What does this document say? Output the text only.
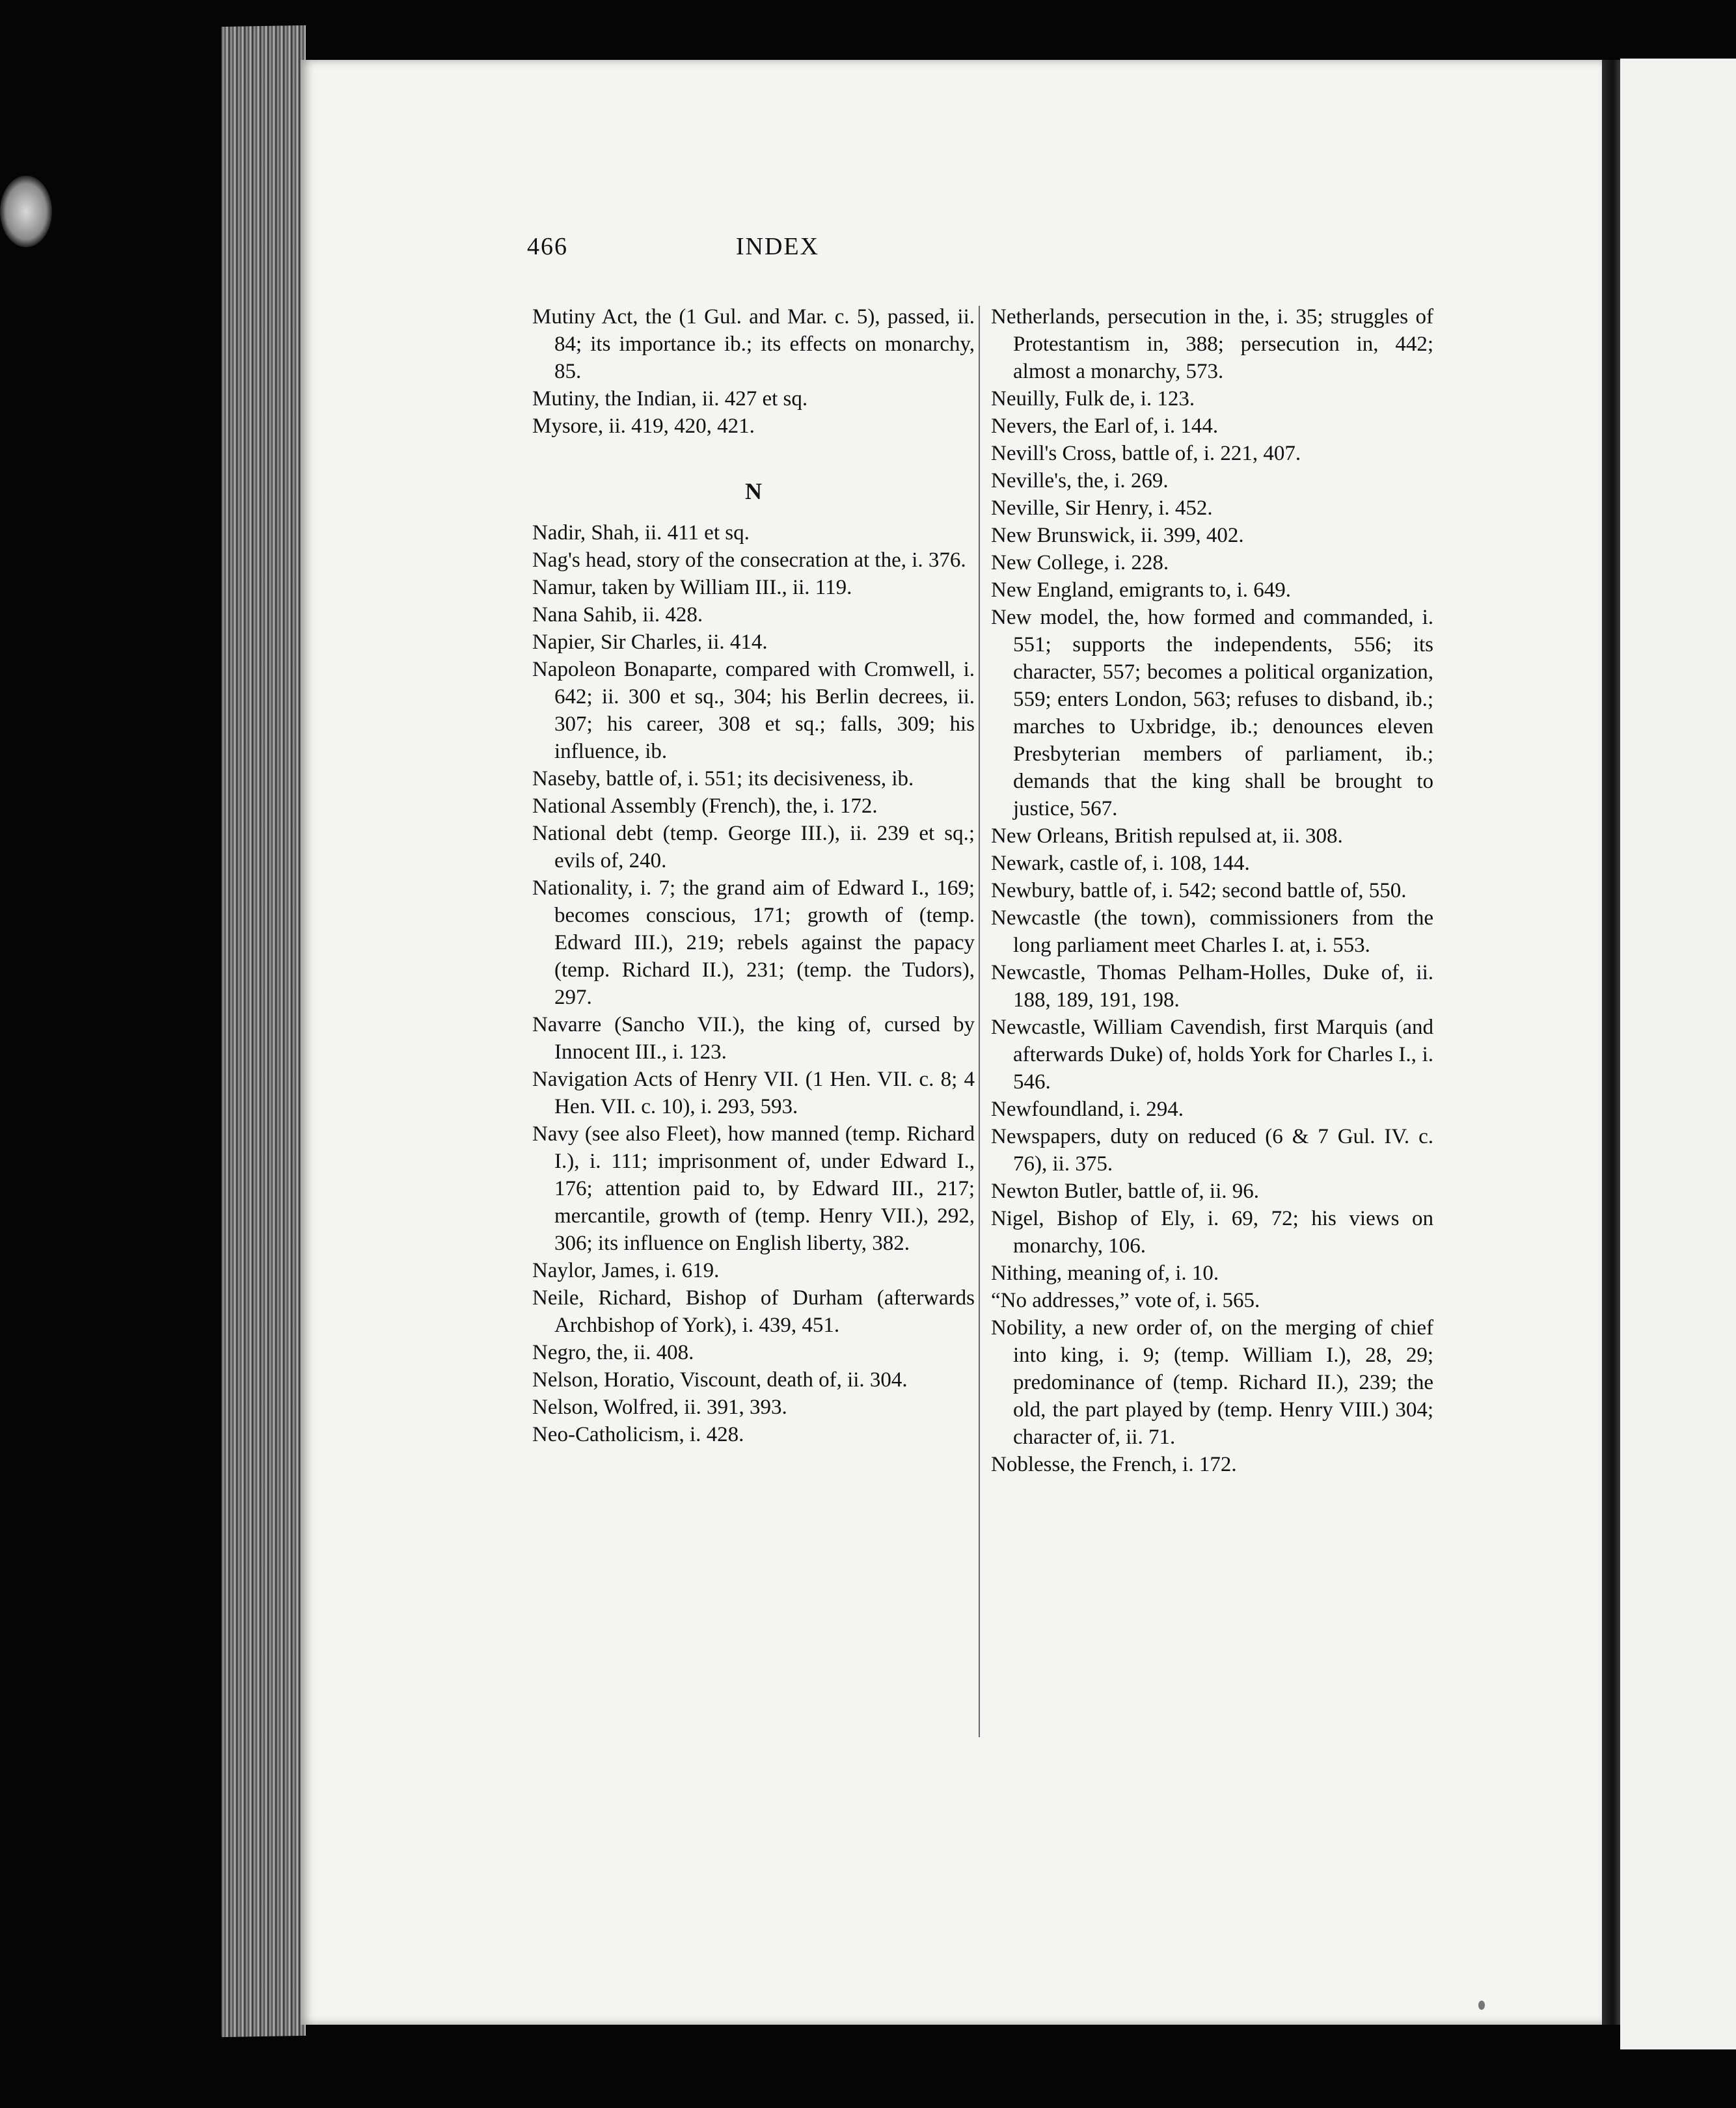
466	INDEX

Mutiny Act, the (1 Gul. and Mar. c. 5), passed, ii. 84; its importance ib.; its effects on monarchy, 85.

Mutiny, the Indian, ii. 427 et sq.

Mysore, ii. 419, 420, 421.

N

Nadir, Shah, ii. 411 et sq.

Nag's head, story of the consecration at the, i. 376.

Namur, taken by William III., ii. 119.

Nana Sahib, ii. 428.

Napier, Sir Charles, ii. 414.

Napoleon Bonaparte, compared with Cromwell, i. 642; ii. 300 et sq., 304; his Berlin decrees, ii. 307; his career, 308 et sq.; falls, 309; his influence, ib.

Naseby, battle of, i. 551; its decisiveness, ib.

National Assembly (French), the, i. 172.

National debt (temp. George III.), ii. 239 et sq.; evils of, 240.

Nationality, i. 7; the grand aim of Edward I., 169; becomes conscious, 171; growth of (temp. Edward III.), 219; rebels against the papacy (temp. Richard II.), 231; (temp. the Tudors), 297.

Navarre (Sancho VII.), the king of, cursed by Innocent III., i. 123.

Navigation Acts of Henry VII. (1 Hen. VII. c. 8; 4 Hen. VII. c. 10), i. 293, 593.

Navy (see also Fleet), how manned (temp. Richard I.), i. 111; imprisonment of, under Edward I., 176; attention paid to, by Edward III., 217; mercantile, growth of (temp. Henry VII.), 292, 306; its influence on English liberty, 382.

Naylor, James, i. 619.

Neile, Richard, Bishop of Durham (afterwards Archbishop of York), i. 439, 451.

Negro, the, ii. 408.

Nelson, Horatio, Viscount, death of, ii. 304.

Nelson, Wolfred, ii. 391, 393.

Neo-Catholicism, i. 428.

Netherlands, persecution in the, i. 35; struggles of Protestantism in, 388; persecution in, 442; almost a monarchy, 573.

Neuilly, Fulk de, i. 123.

Nevers, the Earl of, i. 144.

Nevill's Cross, battle of, i. 221, 407.

Neville's, the, i. 269.

Neville, Sir Henry, i. 452.

New Brunswick, ii. 399, 402.

New College, i. 228.

New England, emigrants to, i. 649.

New model, the, how formed and commanded, i. 551; supports the independents, 556; its character, 557; becomes a political organization, 559; enters London, 563; refuses to disband, ib.; marches to Uxbridge, ib.; denounces eleven Presbyterian members of parliament, ib.; demands that the king shall be brought to justice, 567.

New Orleans, British repulsed at, ii. 308.

Newark, castle of, i. 108, 144.

Newbury, battle of, i. 542; second battle of, 550.

Newcastle (the town), commissioners from the long parliament meet Charles I. at, i. 553.

Newcastle, Thomas Pelham-Holles, Duke of, ii. 188, 189, 191, 198.

Newcastle, William Cavendish, first Marquis (and afterwards Duke) of, holds York for Charles I., i. 546.

Newfoundland, i. 294.

Newspapers, duty on reduced (6 & 7 Gul. IV. c. 76), ii. 375.

Newton Butler, battle of, ii. 96.

Nigel, Bishop of Ely, i. 69, 72; his views on monarchy, 106.

Nithing, meaning of, i. 10.

“No addresses,” vote of, i. 565.

Nobility, a new order of, on the merging of chief into king, i. 9; (temp. William I.), 28, 29; predominance of (temp. Richard II.), 239; the old, the part played by (temp. Henry VIII.) 304; character of, ii. 71.

Noblesse, the French, i. 172.
